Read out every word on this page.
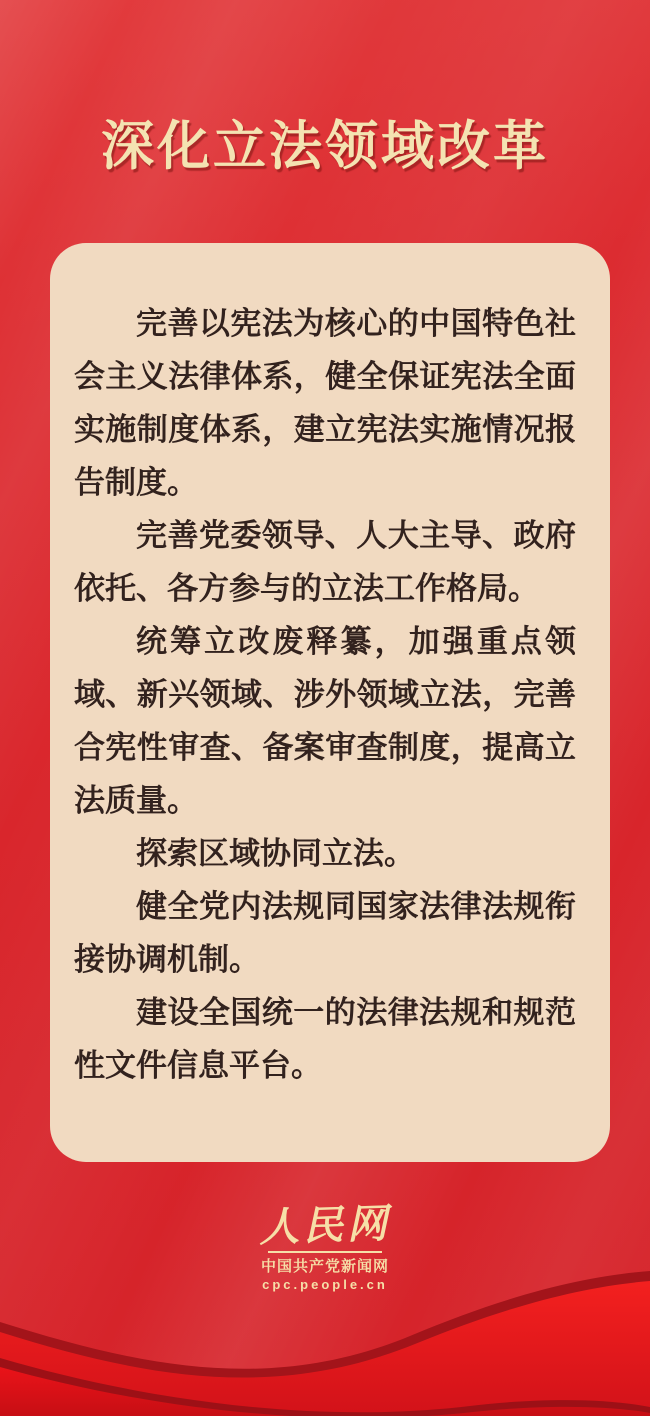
深化立法领域改革

完善以宪法为核心的中国特色社会主义法律体系，健全保证宪法全面实施制度体系，建立宪法实施情况报告制度。

完善党委领导、人大主导、政府依托、各方参与的立法工作格局。

统筹立改废释纂，加强重点领域、新兴领域、涉外领域立法，完善合宪性审查、备案审查制度，提高立法质量。

探索区域协同立法。

健全党内法规同国家法律法规衔接协调机制。

建设全国统一的法律法规和规范性文件信息平台。

人民网
中国共产党新闻网
cpc.people.cn
